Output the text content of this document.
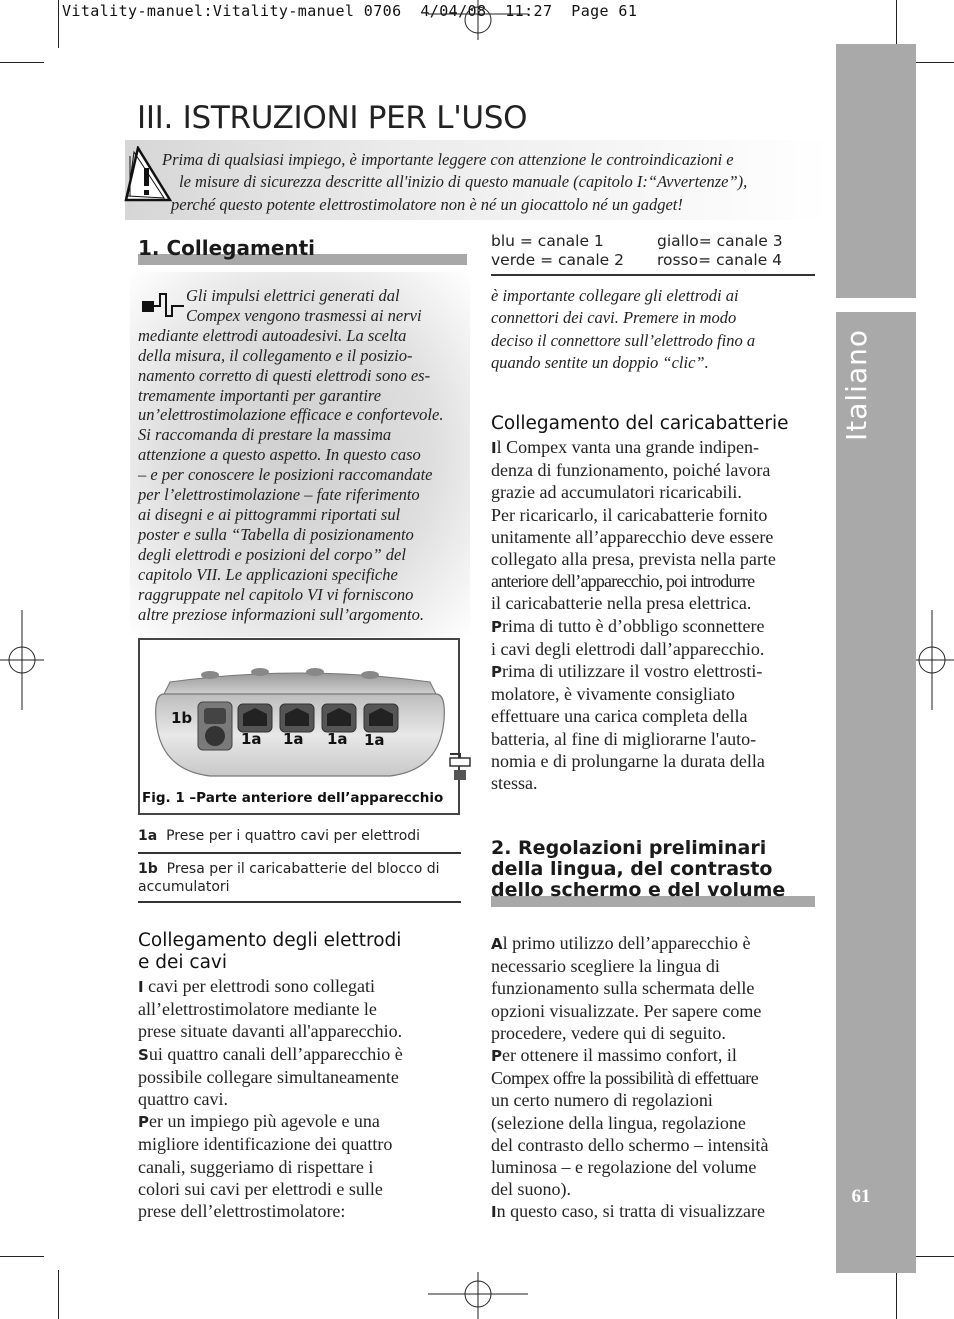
Vitality-manuel:Vitality-manuel 0706  4/04/08  11:27  Page 61
Italiano
61
III. ISTRUZIONI PER L'USO
Prima di qualsiasi impiego, è importante leggere con attenzione le controindicazioni e
le misure di sicurezza descritte all'inizio di questo manuale (capitolo I:“Avvertenze”),
perché questo potente elettrostimolatore non è né un giocattolo né un gadget!
1. Collegamenti
Gli impulsi elettrici generati dal
Compex vengono trasmessi ai nervi
mediante elettrodi autoadesivi. La scelta
della misura, il collegamento e il posizio-
namento corretto di questi elettrodi sono es-
tremamente importanti per garantire
un’elettrostimolazione efficace e confortevole.
Si raccomanda di prestare la massima
attenzione a questo aspetto. In questo caso
– e per conoscere le posizioni raccomandate
per l’elettrostimolazione – fate riferimento
ai disegni e ai pittogrammi riportati sul
poster e sulla “Tabella di posizionamento
degli elettrodi e posizioni del corpo” del
capitolo VII. Le applicazioni specifiche
raggruppate nel capitolo VI vi forniscono
altre preziose informazioni sull’argomento.
1b
1a 1a 1a 1a
Fig. 1 –Parte anteriore dell’apparecchio
1a Prese per i quattro cavi per elettrodi
1b Presa per il caricabatterie del blocco di
accumulatori
Collegamento degli elettrodi
e dei cavi
I cavi per elettrodi sono collegati
all’elettrostimolatore mediante le
prese situate davanti all'apparecchio.
Sui quattro canali dell’apparecchio è
possibile collegare simultaneamente
quattro cavi.
Per un impiego più agevole e una
migliore identificazione dei quattro
canali, suggeriamo di rispettare i
colori sui cavi per elettrodi e sulle
prese dell’elettrostimolatore:
blu = canale 1	giallo= canale 3
verde = canale 2 rosso= canale 4
è importante collegare gli elettrodi ai
connettori dei cavi. Premere in modo
deciso il connettore sull’elettrodo fino a
quando sentite un doppio “clic”.
Collegamento del caricabatterie
Il Compex vanta una grande indipen-
denza di funzionamento, poiché lavora
grazie ad accumulatori ricaricabili.
Per ricaricarlo, il caricabatterie fornito
unitamente all’apparecchio deve essere
collegato alla presa, prevista nella parte
anteriore dell’apparecchio, poi introdurre
il caricabatterie nella presa elettrica.
Prima di tutto è d’obbligo sconnettere
i cavi degli elettrodi dall’apparecchio.
Prima di utilizzare il vostro elettrosti-
molatore, è vivamente consigliato
effettuare una carica completa della
batteria, al fine di migliorarne l'auto-
nomia e di prolungarne la durata della
stessa.
2. Regolazioni preliminari
della lingua, del contrasto
dello schermo e del volume
Al primo utilizzo dell’apparecchio è
necessario scegliere la lingua di
funzionamento sulla schermata delle
opzioni visualizzate. Per sapere come
procedere, vedere qui di seguito.
Per ottenere il massimo confort, il
Compex offre la possibilità di effettuare
un certo numero di regolazioni
(selezione della lingua, regolazione
del contrasto dello schermo – intensità
luminosa – e regolazione del volume
del suono).
In questo caso, si tratta di visualizzare
